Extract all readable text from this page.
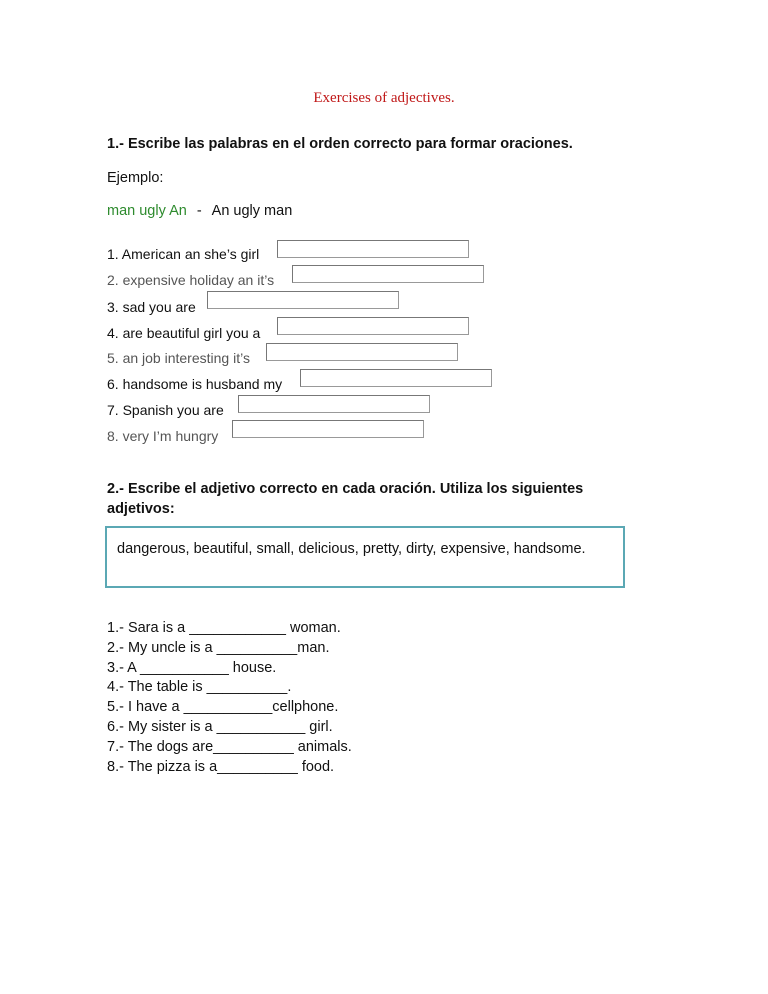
Exercises of adjectives.
1.- Escribe las palabras en el orden correcto para formar oraciones.
Ejemplo:
man ugly An - An ugly man
1. American an she’s girl
2. expensive holiday an it’s
3. sad you are
4. are beautiful girl you a
5. an job interesting it’s
6. handsome is husband my
7. Spanish you are
8. very I’m hungry
2.- Escribe el adjetivo correcto en cada oración. Utiliza los siguientes
adjetivos:
dangerous, beautiful, small, delicious, pretty, dirty, expensive, handsome.
1.- Sara is a ____________ woman.
2.- My uncle is a __________man.
3.- A ___________ house.
4.- The table is __________.
5.- I have a ___________cellphone.
6.- My sister is a ___________ girl.
7.- The dogs are__________ animals.
8.- The pizza is a__________ food.
